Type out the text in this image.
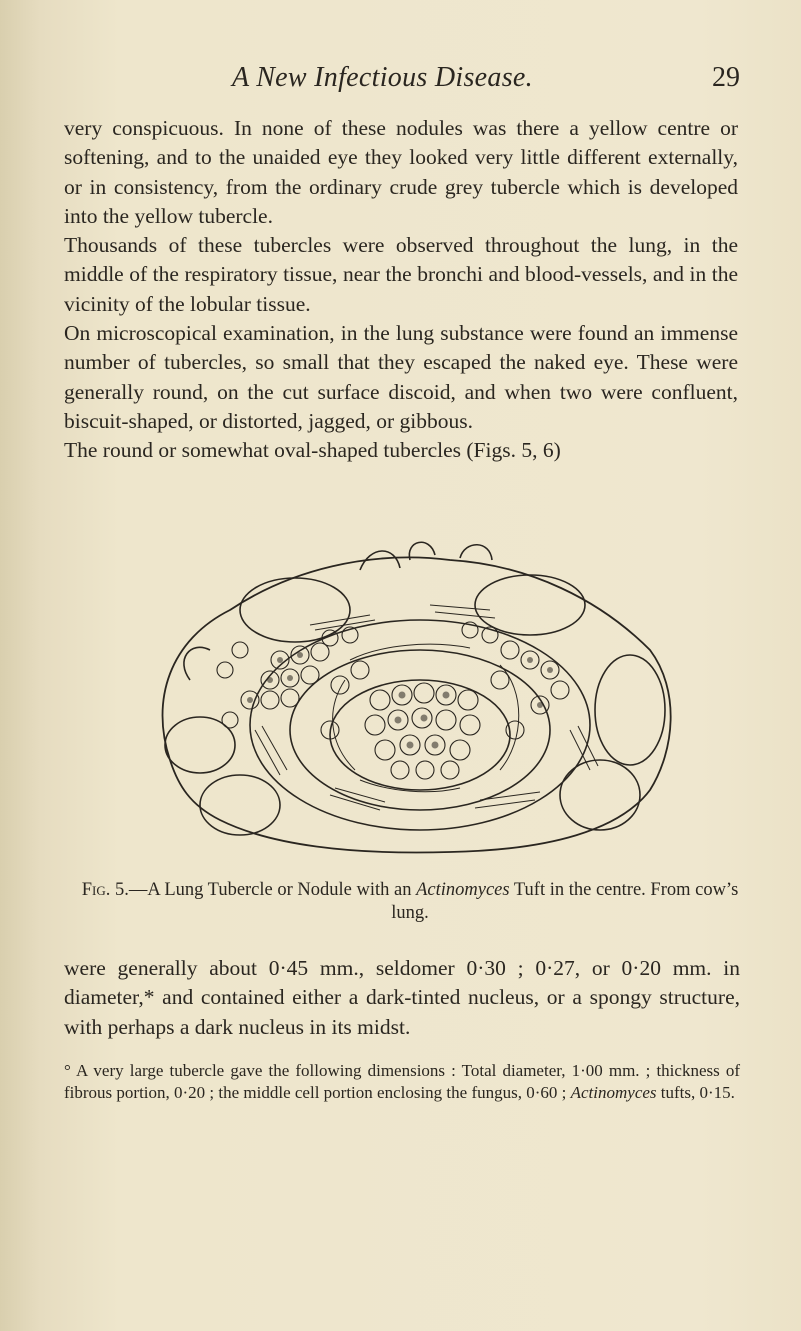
A New Infectious Disease.	29

very conspicuous. In none of these nodules was there a yellow centre or softening, and to the unaided eye they looked very little different externally, or in consistency, from the ordinary crude grey tubercle which is developed into the yellow tubercle.

Thousands of these tubercles were observed throughout the lung, in the middle of the respiratory tissue, near the bronchi and blood-vessels, and in the vicinity of the lobular tissue.

On microscopical examination, in the lung substance were found an immense number of tubercles, so small that they escaped the naked eye. These were generally round, on the cut surface discoid, and when two were confluent, biscuit-shaped, or distorted, jagged, or gibbous.

The round or somewhat oval-shaped tubercles (Figs. 5, 6)

Fig. 5.—A Lung Tubercle or Nodule with an Actinomyces Tuft in the centre. From cow’s lung.
were generally about 0·45 mm., seldomer 0·30 ; 0·27, or 0·20 mm. in diameter,* and contained either a dark-tinted nucleus, or a spongy structure, with perhaps a dark nucleus in its midst.
° A very large tubercle gave the following dimensions : Total diameter, 1·00 mm. ; thickness of fibrous portion, 0·20 ; the middle cell portion enclosing the fungus, 0·60 ; Actinomyces tufts, 0·15.
